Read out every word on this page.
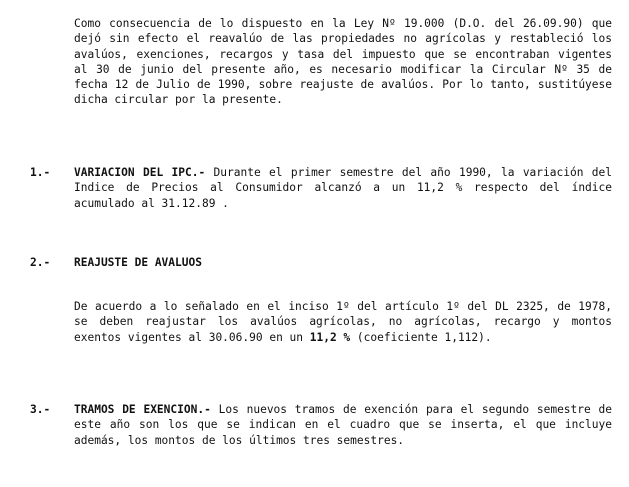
Como consecuencia de lo dispuesto en la Ley Nº 19.000 (D.O. del 26.09.90) que dejó sin efecto el reavalúo de las propiedades no agrícolas y restableció los avalúos, exenciones, recargos y tasa del impuesto que se encontraban vigentes al 30 de junio del presente año, es necesario modificar la Circular Nº 35 de fecha 12 de Julio de 1990, sobre reajuste de avalúos. Por lo tanto, sustitúyese dicha circular por la presente.
1.- VARIACION DEL IPC.- Durante el primer semestre del año 1990, la variación del Indice de Precios al Consumidor alcanzó a un 11,2 % respecto del índice acumulado al 31.12.89 .
2.- REAJUSTE DE AVALUOS
De acuerdo a lo señalado en el inciso 1º del artículo 1º del DL 2325, de 1978, se deben reajustar los avalúos agrícolas, no agrícolas, recargo y montos exentos vigentes al 30.06.90 en un 11,2 % (coeficiente 1,112).
3.- TRAMOS DE EXENCION.- Los nuevos tramos de exención para el segundo semestre de este año son los que se indican en el cuadro que se inserta, el que incluye además, los montos de los últimos tres semestres.
